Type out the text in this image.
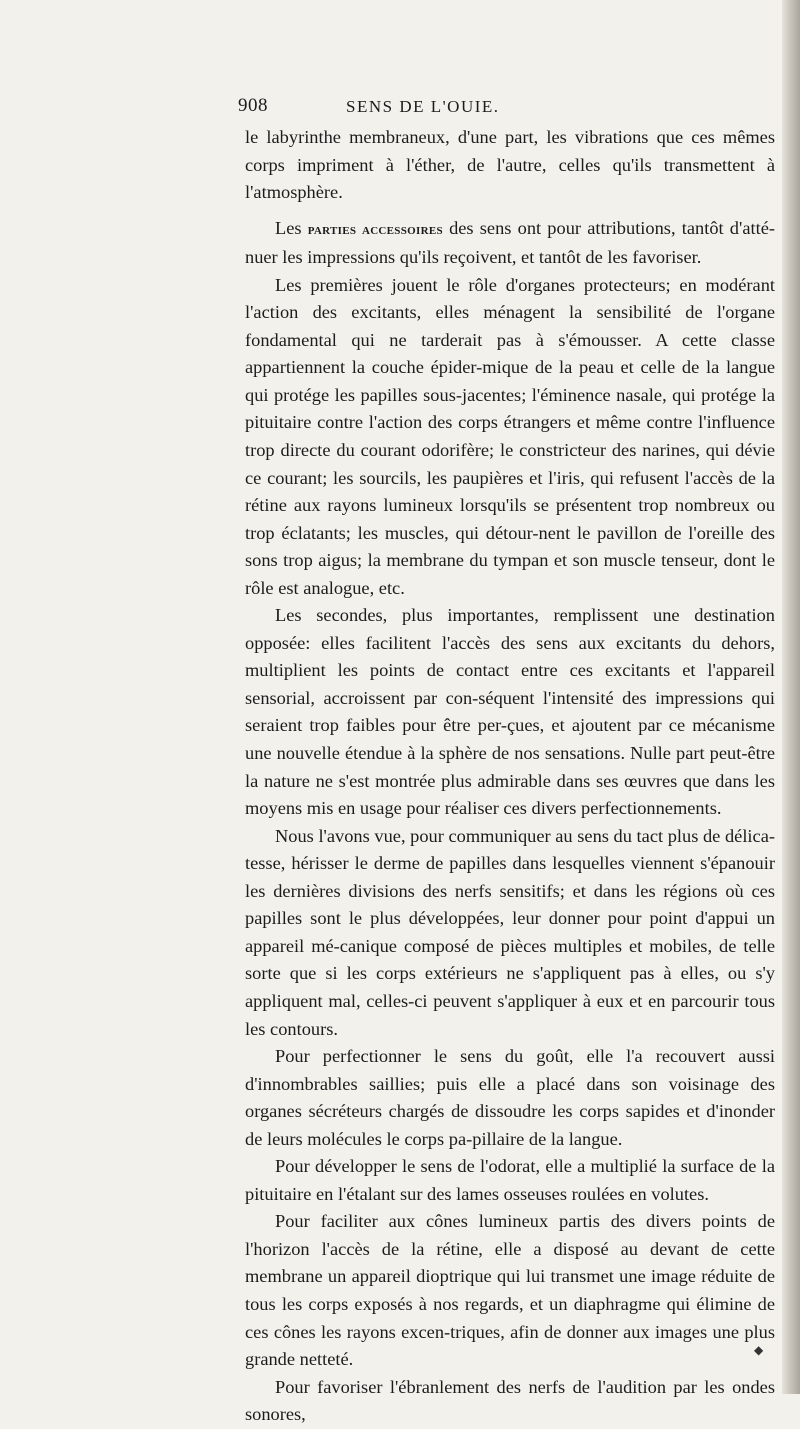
908	SENS DE L'OUIE.

le labyrinthe membraneux, d'une part, les vibrations que ces mêmes corps impriment à l'éther, de l'autre, celles qu'ils transmettent à l'atmosphère.

Les parties accessoires des sens ont pour attributions, tantôt d'atté-nuer les impressions qu'ils reçoivent, et tantôt de les favoriser.

Les premières jouent le rôle d'organes protecteurs; en modérant l'action des excitants, elles ménagent la sensibilité de l'organe fondamental qui ne tarderait pas à s'émousser. A cette classe appartiennent la couche épider-mique de la peau et celle de la langue qui protége les papilles sous-jacentes; l'éminence nasale, qui protége la pituitaire contre l'action des corps étrangers et même contre l'influence trop directe du courant odorifère; le constricteur des narines, qui dévie ce courant; les sourcils, les paupières et l'iris, qui refusent l'accès de la rétine aux rayons lumineux lorsqu'ils se présentent trop nombreux ou trop éclatants; les muscles, qui détour-nent le pavillon de l'oreille des sons trop aigus; la membrane du tympan et son muscle tenseur, dont le rôle est analogue, etc.

Les secondes, plus importantes, remplissent une destination opposée: elles facilitent l'accès des sens aux excitants du dehors, multiplient les points de contact entre ces excitants et l'appareil sensorial, accroissent par con-séquent l'intensité des impressions qui seraient trop faibles pour être per-çues, et ajoutent par ce mécanisme une nouvelle étendue à la sphère de nos sensations. Nulle part peut-être la nature ne s'est montrée plus admirable dans ses œuvres que dans les moyens mis en usage pour réaliser ces divers perfectionnements.

Nous l'avons vue, pour communiquer au sens du tact plus de délica-tesse, hérisser le derme de papilles dans lesquelles viennent s'épanouir les dernières divisions des nerfs sensitifs; et dans les régions où ces papilles sont le plus développées, leur donner pour point d'appui un appareil mé-canique composé de pièces multiples et mobiles, de telle sorte que si les corps extérieurs ne s'appliquent pas à elles, ou s'y appliquent mal, celles-ci peuvent s'appliquer à eux et en parcourir tous les contours.

Pour perfectionner le sens du goût, elle l'a recouvert aussi d'innombrables saillies; puis elle a placé dans son voisinage des organes sécréteurs chargés de dissoudre les corps sapides et d'inonder de leurs molécules le corps pa-pillaire de la langue.

Pour développer le sens de l'odorat, elle a multiplié la surface de la pituitaire en l'étalant sur des lames osseuses roulées en volutes.

Pour faciliter aux cônes lumineux partis des divers points de l'horizon l'accès de la rétine, elle a disposé au devant de cette membrane un appareil dioptrique qui lui transmet une image réduite de tous les corps exposés à nos regards, et un diaphragme qui élimine de ces cônes les rayons excen-triques, afin de donner aux images une plus grande netteté.

Pour favoriser l'ébranlement des nerfs de l'audition par les ondes sonores,

◆
